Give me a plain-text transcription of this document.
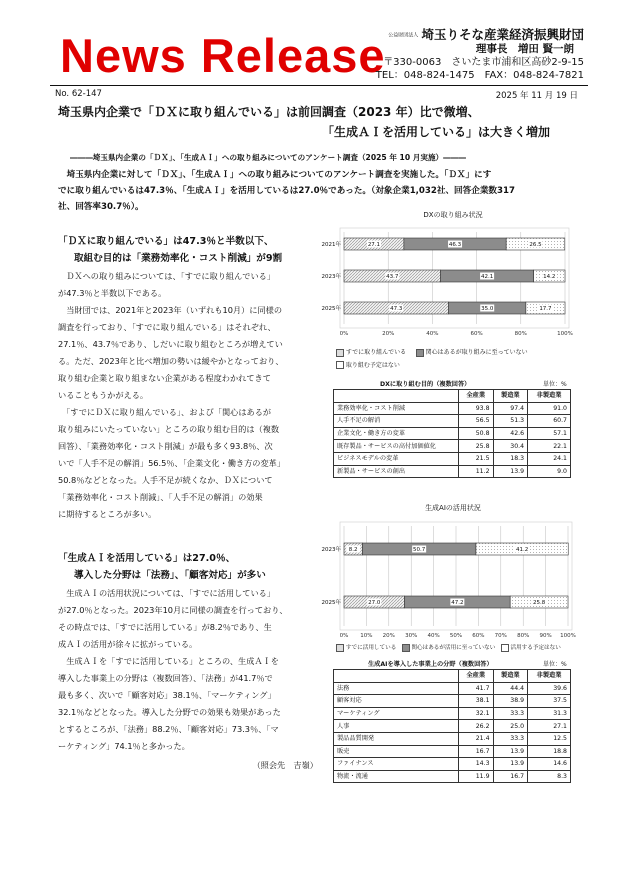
News Release 公益財団法人 埼玉りそな産業経済振興財団
理事長　増田 賢一朗
〒330-0063　さいたま市浦和区高砂2-9-15
TEL：048-824-1475　FAX：048-824-7821
No. 62-147	2025 年 11 月 19 日
埼玉県内企業で「ＤＸに取り組んでいる」は前回調査（2023 年）比で微増、
「生成ＡＩを活用している」は大きく増加
―――埼玉県内企業の「ＤＸ」、「生成ＡＩ」への取り組みについてのアンケート調査（2025 年 10 月実施）―――

　埼玉県内企業に対して「ＤＸ」、「生成ＡＩ」への取り組みについてのアンケート調査を実施した。「ＤＸ」にす

でに取り組んでいるは47.3％、「生成ＡＩ」を活用しているは27.0％であった。（対象企業1,032社、回答企業数317

社、回答率30.7％）。

「ＤＸに取り組んでいる」は47.3％と半数以下、
取組む目的は「業務効率化・コスト削減」が9割

　ＤＸへの取り組みについては、「すでに取り組んでいる」

が47.3％と半数以下である。

　当財団では、2021年と2023年（いずれも10月）に同様の

調査を行っており、「すでに取り組んでいる」はそれぞれ、

27.1％、43.7％であり、しだいに取り組むところが増えてい

る。ただ、2023年と比べ増加の勢いは緩やかとなっており、

取り組む企業と取り組まない企業がある程度わかれてきて

いることもうかがえる。

　「すでにＤＸに取り組んでいる」、および「関心はあるが

取り組みにいたっていない」ところの取り組む目的は（複数

回答）、「業務効率化・コスト削減」が最も多く93.8％、次

いで「人手不足の解消」56.5％、「企業文化・働き方の変革」

50.8％などとなった。人手不足が続くなか、ＤＸについて

「業務効率化・コスト削減」、「人手不足の解消」の効果

に期待するところが多い。

「生成ＡＩを活用している」は27.0％、
導入した分野は「法務」、「顧客対応」が多い

　生成ＡＩの活用状況については、「すでに活用している」

が27.0％となった。2023年10月に同様の調査を行っており、

その時点では、「すでに活用している」が8.2％であり、生

成ＡＩの活用が徐々に拡がっている。

　生成ＡＩを「すでに活用している」ところの、生成ＡＩを

導入した事業上の分野は（複数回答）、「法務」が41.7％で

最も多く、次いで「顧客対応」38.1％、「マーケティング」

32.1％などとなった。導入した分野での効果も効果があった

とするところが、「法務」88.2％、「顧客対応」73.3％、「マ

ーケティング」74.1％と多かった。

（照会先　吉嶺）
DXの取り組み状況
0%	20%	40%	60%	80%	100%
2021年	27.1	46.3	26.5
2023年	43.7	42.1	14.2
2025年	47.3	35.0	17.7
すでに取り組んでいる	関心はあるが取り組みに至っていない
取り組む予定はない
DXに取り組む目的（複数回答）	単位：%
	全産業	製造業	非製造業
業務効率化・コスト削減	93.8	97.4	91.0
人手不足の解消	56.5	51.3	60.7
企業文化・働き方の変革	50.8	42.6	57.1
既存製品・サービスの高付加価値化	25.8	30.4	22.1
ビジネスモデルの変革	21.5	18.3	24.1
新製品・サービスの創出	11.2	13.9	9.0
生成AIの活用状況
0% 10% 20% 30% 40% 50% 60% 70% 80% 90% 100%
2023年 8.2	50.7	41.2
2025年	27.0	47.2	25.8
すでに活用している	関心はあるが活用に至っていない	活用する予定はない
生成AIを導入した事業上の分野（複数回答）	単位：%
	全産業	製造業	非製造業
法務	41.7	44.4	39.6
顧客対応	38.1	38.9	37.5
マーケティング	32.1	33.3	31.3
人事	26.2	25.0	27.1
製品品質開発	21.4	33.3	12.5
販売	16.7	13.9	18.8
ファイナンス	14.3	13.9	14.6
物流・流通	11.9	16.7	8.3
